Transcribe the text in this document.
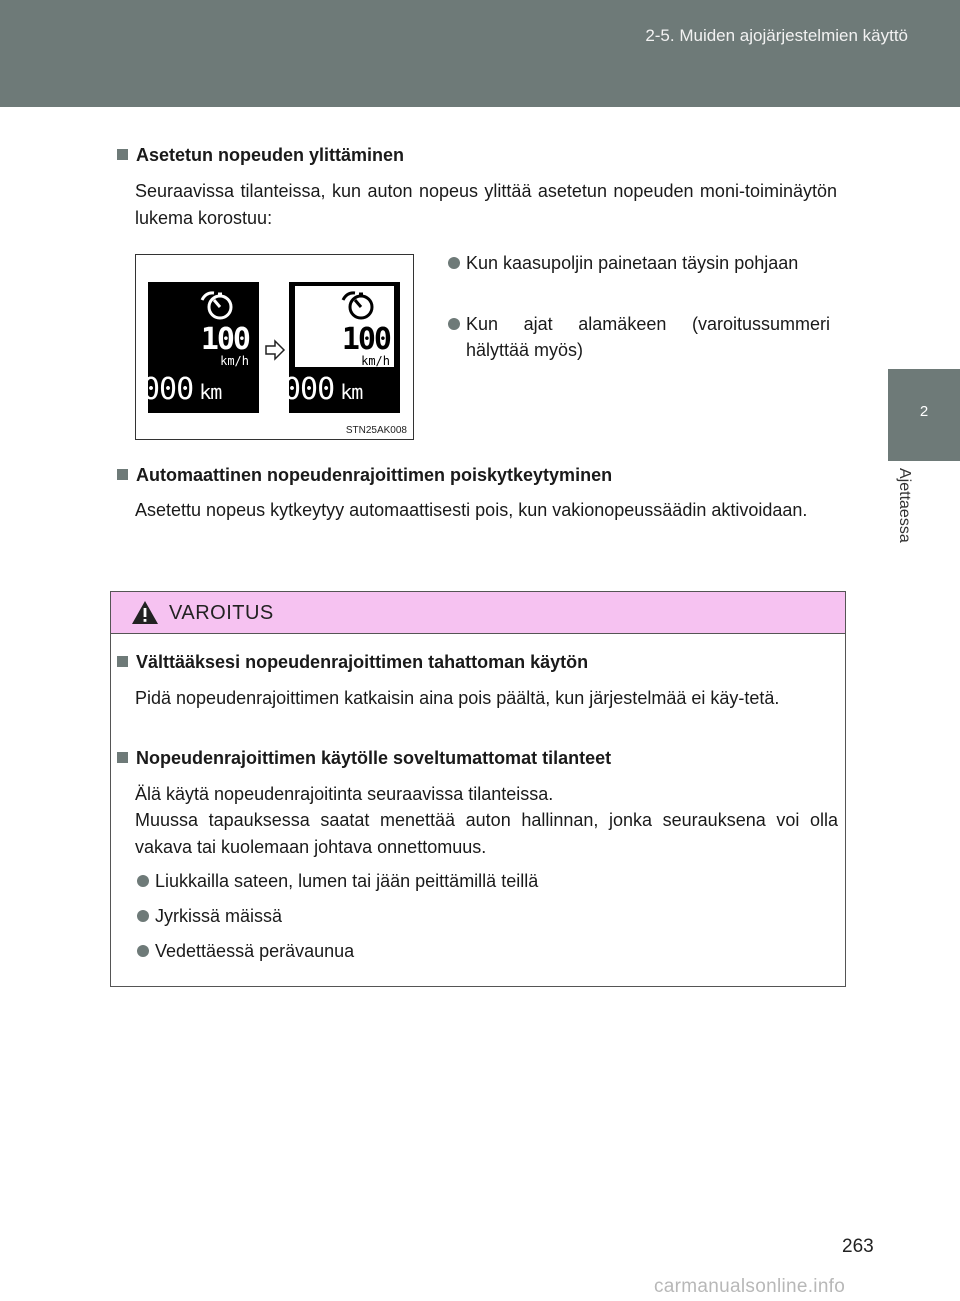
2-5. Muiden ajojärjestelmien käyttö
2
Ajettaessa
Asetetun nopeuden ylittäminen
Seuraavissa tilanteissa, kun auton nopeus ylittää asetetun nopeuden moni-toiminäytön lukema korostuu:
Kun kaasupoljin painetaan täysin pohjaan
Kun ajat alamäkeen (varoitussummeri hälyttää myös)
100
km/h
000 km
100
km/h
000 km
STN25AK008
Automaattinen nopeudenrajoittimen poiskytkeytyminen
Asetettu nopeus kytkeytyy automaattisesti pois, kun vakionopeussäädin aktivoidaan.
VAROITUS
Välttääksesi nopeudenrajoittimen tahattoman käytön
Pidä nopeudenrajoittimen katkaisin aina pois päältä, kun järjestelmää ei käy-tetä.
Nopeudenrajoittimen käytölle soveltumattomat tilanteet
Älä käytä nopeudenrajoitinta seuraavissa tilanteissa.
Muussa tapauksessa saatat menettää auton hallinnan, jonka seurauksena voi olla vakava tai kuolemaan johtava onnettomuus.
Liukkailla sateen, lumen tai jään peittämillä teillä
Jyrkissä mäissä
Vedettäessä perävaunua
263
carmanualsonline.info
